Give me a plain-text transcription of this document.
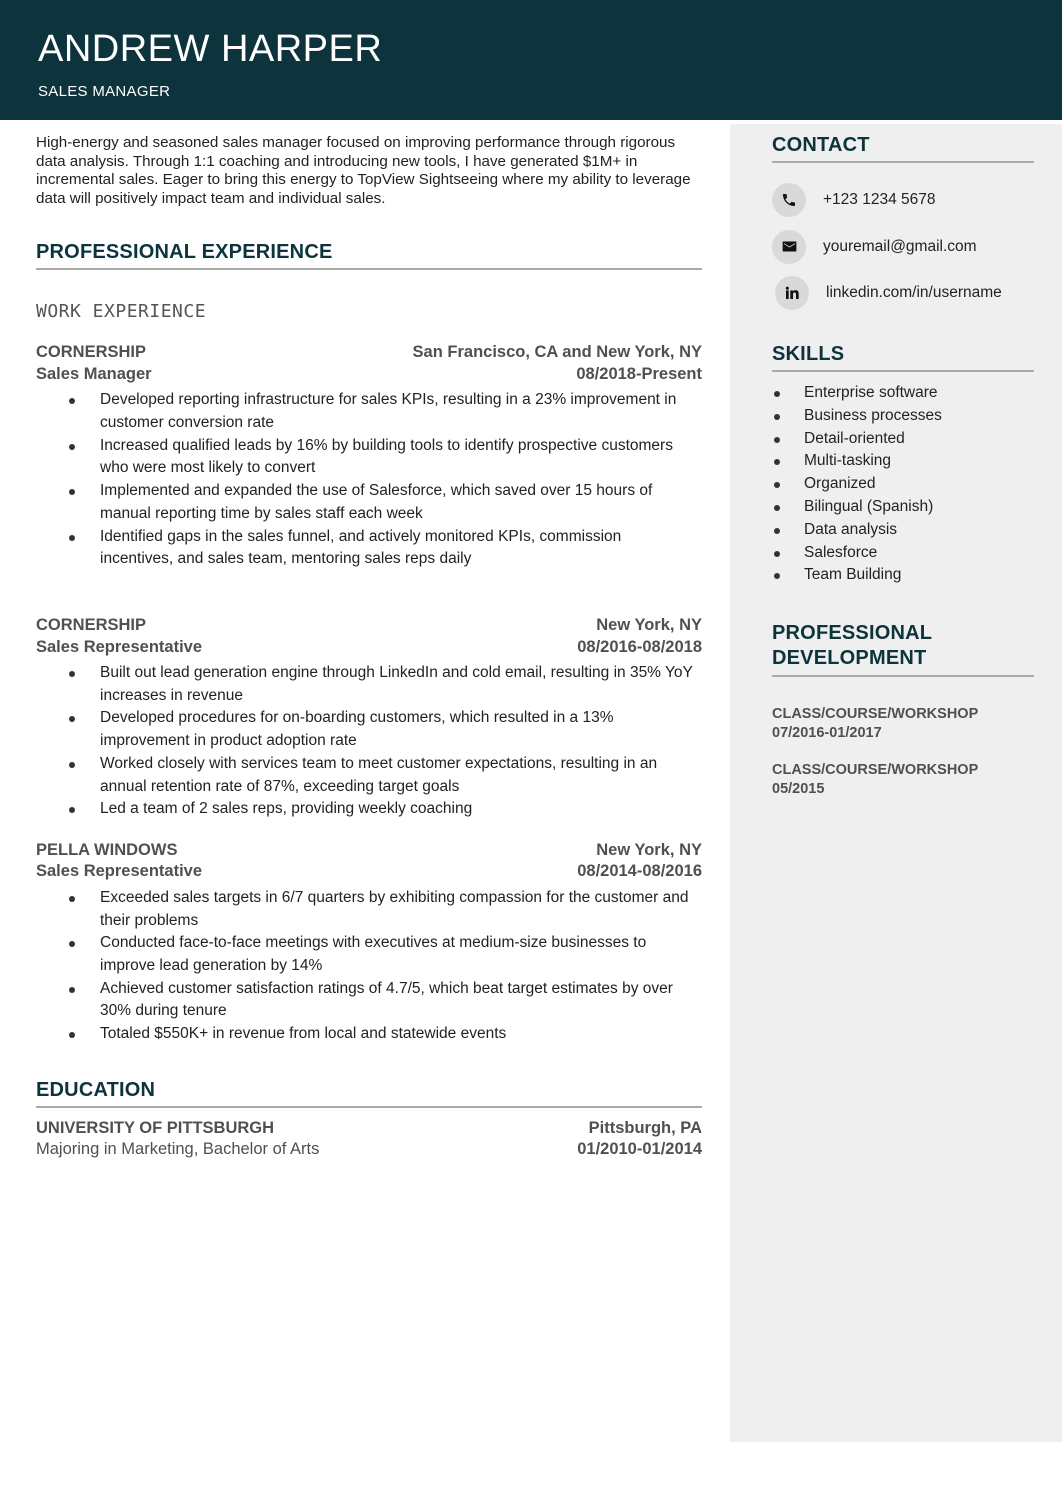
ANDREW HARPER
SALES MANAGER

High-energy and seasoned sales manager focused on improving performance through rigorous data analysis. Through 1:1 coaching and introducing new tools, I have generated $1M+ in incremental sales. Eager to bring this energy to TopView Sightseeing where my ability to leverage data will positively impact team and individual sales.

PROFESSIONAL EXPERIENCE
WORK EXPERIENCE
CORNERSHIP	San Francisco, CA and New York, NY
Sales Manager	08/2018-Present
Developed reporting infrastructure for sales KPIs, resulting in a 23% improvement in customer conversion rate
Increased qualified leads by 16% by building tools to identify prospective customers who were most likely to convert
Implemented and expanded the use of Salesforce, which saved over 15 hours of manual reporting time by sales staff each week
Identified gaps in the sales funnel, and actively monitored KPIs, commission incentives, and sales team, mentoring sales reps daily
CORNERSHIP	New York, NY
Sales Representative	08/2016-08/2018
Built out lead generation engine through LinkedIn and cold email, resulting in 35% YoY increases in revenue
Developed procedures for on-boarding customers, which resulted in a 13% improvement in product adoption rate
Worked closely with services team to meet customer expectations, resulting in an annual retention rate of 87%, exceeding target goals
Led a team of 2 sales reps, providing weekly coaching
PELLA WINDOWS	New York, NY
Sales Representative	08/2014-08/2016
Exceeded sales targets in 6/7 quarters by exhibiting compassion for the customer and their problems
Conducted face-to-face meetings with executives at medium-size businesses to improve lead generation by 14%
Achieved customer satisfaction ratings of 4.7/5, which beat target estimates by over 30% during tenure
Totaled $550K+ in revenue from local and statewide events
EDUCATION
UNIVERSITY OF PITTSBURGH	Pittsburgh, PA
Majoring in Marketing, Bachelor of Arts	01/2010-01/2014
CONTACT
+123 1234 5678
youremail@gmail.com
linkedin.com/in/username
SKILLS
Enterprise software
Business processes
Detail-oriented
Multi-tasking
Organized
Bilingual (Spanish)
Data analysis
Salesforce
Team Building
PROFESSIONAL
DEVELOPMENT
CLASS/COURSE/WORKSHOP
07/2016-01/2017
CLASS/COURSE/WORKSHOP
05/2015
